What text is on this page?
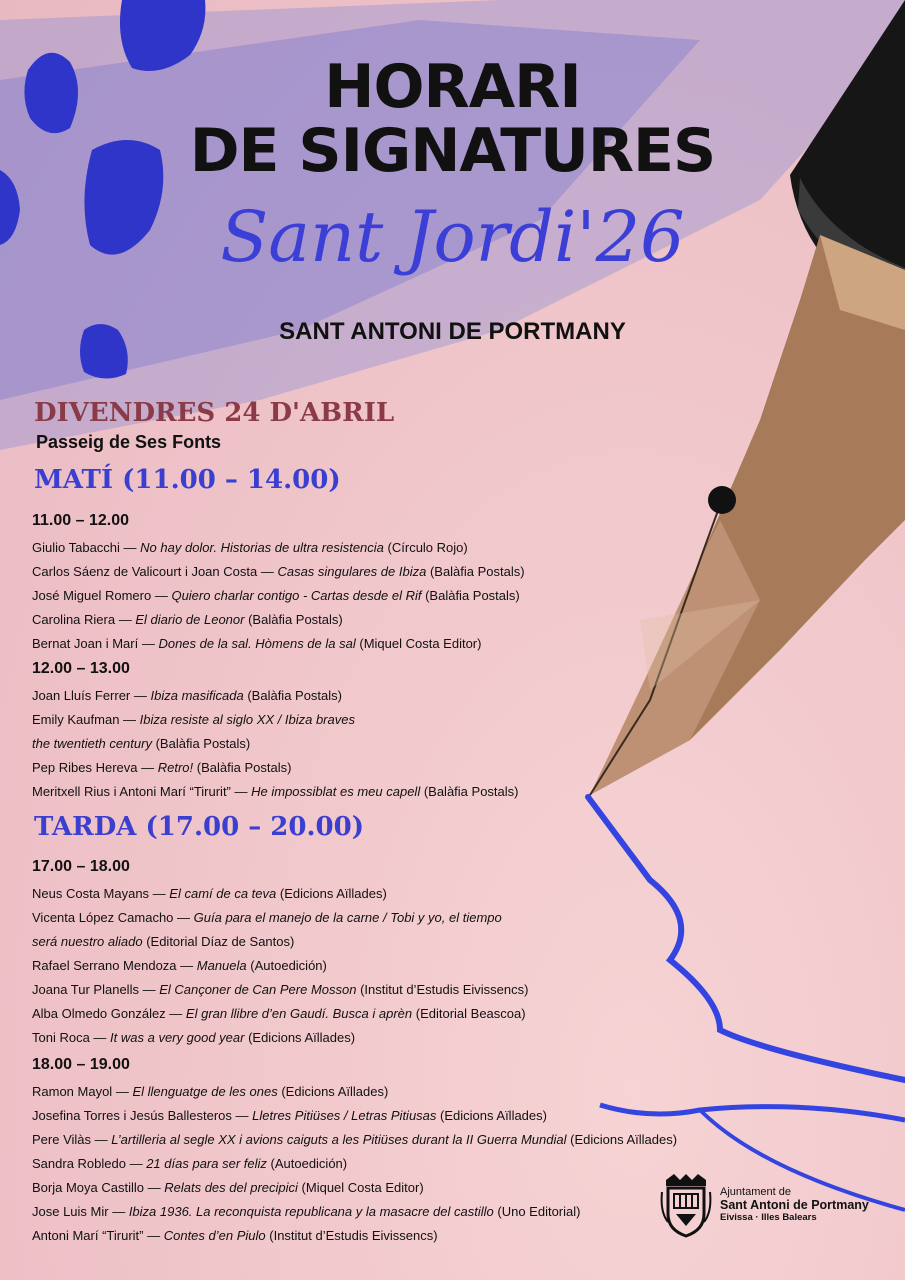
HORARI
DE SIGNATURES
Sant Jordi'26
SANT ANTONI DE PORTMANY
DIVENDRES 24 D'ABRIL
Passeig de Ses Fonts
MATÍ (11.00 – 14.00)
11.00 – 12.00
Giulio Tabacchi — No hay dolor. Historias de ultra resistencia (Círculo Rojo)
Carlos Sáenz de Valicourt i Joan Costa — Casas singulares de Ibiza (Balàfia Postals)
José Miguel Romero — Quiero charlar contigo - Cartas desde el Rif (Balàfia Postals)
Carolina Riera — El diario de Leonor (Balàfia Postals)
Bernat Joan i Marí — Dones de la sal. Hòmens de la sal (Miquel Costa Editor)
12.00 – 13.00
Joan Lluís Ferrer — Ibiza masificada (Balàfia Postals)
Emily Kaufman — Ibiza resiste al siglo XX / Ibiza braves
the twentieth century (Balàfia Postals)
Pep Ribes Hereva — Retro! (Balàfia Postals)
Meritxell Rius i Antoni Marí “Tirurit” — He impossiblat es meu capell (Balàfia Postals)
TARDA (17.00 – 20.00)
17.00 – 18.00
Neus Costa Mayans — El camí de ca teva (Edicions Aïllades)
Vicenta López Camacho — Guía para el manejo de la carne / Tobi y yo, el tiempo
será nuestro aliado (Editorial Díaz de Santos)
Rafael Serrano Mendoza — Manuela (Autoedición)
Joana Tur Planells — El Cançoner de Can Pere Mosson (Institut d’Estudis Eivissencs)
Alba Olmedo González — El gran llibre d’en Gaudí. Busca i aprèn (Editorial Beascoa)
Toni Roca — It was a very good year (Edicions Aïllades)
18.00 – 19.00
Ramon Mayol — El llenguatge de les ones (Edicions Aïllades)
Josefina Torres i Jesús Ballesteros — Lletres Pitiüses / Letras Pitiusas (Edicions Aïllades)
Pere Vilàs — L’artilleria al segle XX i avions caiguts a les Pitiüses durant la II Guerra Mundial (Edicions Aïllades)
Sandra Robledo — 21 días para ser feliz (Autoedición)
Borja Moya Castillo — Relats des del precipici (Miquel Costa Editor)
Jose Luis Mir — Ibiza 1936. La reconquista republicana y la masacre del castillo (Uno Editorial)
Antoni Marí “Tirurit” — Contes d’en Piulo (Institut d’Estudis Eivissencs)
Ajuntament de
Sant Antoni de Portmany
Eivissa · Illes Balears
